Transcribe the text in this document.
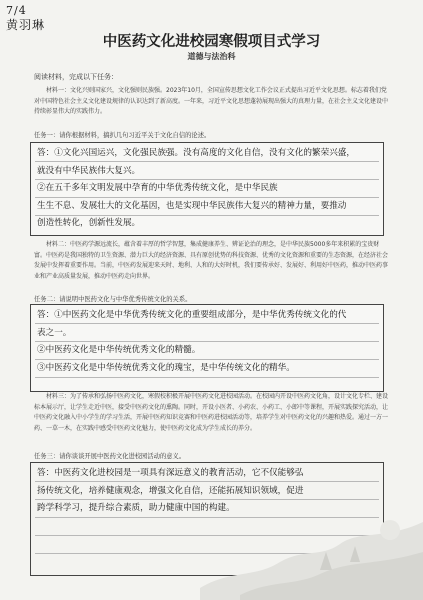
7/4
黄羽琳
中医药文化进校园寒假项目式学习
道德与法治科
阅读材料，完成以下任务：
材料一：文化兴则国家兴，文化强则民族强。2023年10月，全国宣传思想文化工作会议正式提出习近平文化思想。标志着我们党对中国特色社会主义文化建设规律的认识达到了新高度。一年来，习近平文化思想蓬勃展现出强大的真理力量，在社会主义文化建设中持续彰显伟大的实践伟力。
任务一：请你根据材料，搞扒几句习近平关于文化自信的论述。
答：①文化兴国运兴，文化强民族强。没有高度的文化自信，没有文化的繁荣兴盛，
就没有中华民族伟大复兴。
②在五千多年文明发展中孕育的中华优秀传统文化，是中华民族
生生不息、发展壮大的文化基因，也是实现中华民族伟大复兴的精神力量，要推动
创造性转化，创新性发展。
材料二：中医药学源远流长，蕴含着丰厚的哲学智慧，集成健康养生、辨证论治的理念，是中华民族5000多年来积累的宝贵财富。中医药是我国独特的卫生资源、潜力巨大的经济资源、具有原创优势的科技资源、优秀的文化资源和重要的生态资源，在经济社会发展中发挥着重要作用。当前，中医药发展迎来天时、地利、人和的大好时机，我们要传承好、发展好、利用好中医药，推动中医药事业和产业高质量发展，推动中医药走向世界。
任务二：请说明中医药文化与中华优秀传统文化的关系。
答：①中医药文化是中华优秀传统文化的重要组成部分，是中华优秀传统文化的代
表之一。
②中医药文化是中华传统优秀文化的精髓。
③中医药文化是中华传统优秀文化的瑰宝，是中华传统文化的精华。
材料三：为了传承和弘扬中医药文化，寒假校积极开展中医药文化进校园活动。在校园内开设中医药文化角，设计文化专栏、建设标本展示厅，让学生走近中医，接受中医药文化的熏陶。同时，开设小医者、小药农、小药工、小郎中等课程，开展实践探究活动，让中医药文化融入中小学生的学习生活，开展中医药知识竞赛和中医药进校园活动等，培养学生对中医药文化的兴趣和热爱。通过一方一药、一草一木，在实践中感受中医药文化魅力，使中医药文化成为学生成长的养分。
任务三：请你谈谈开展中医药文化进校园活动的意义。
答：中医药文化进校园是一项具有深远意义的教育活动，它不仅能够弘
扬传统文化，培养健康观念，增强文化自信，还能拓展知识领域，促进
跨学科学习，提升综合素质，助力健康中国的构建。
